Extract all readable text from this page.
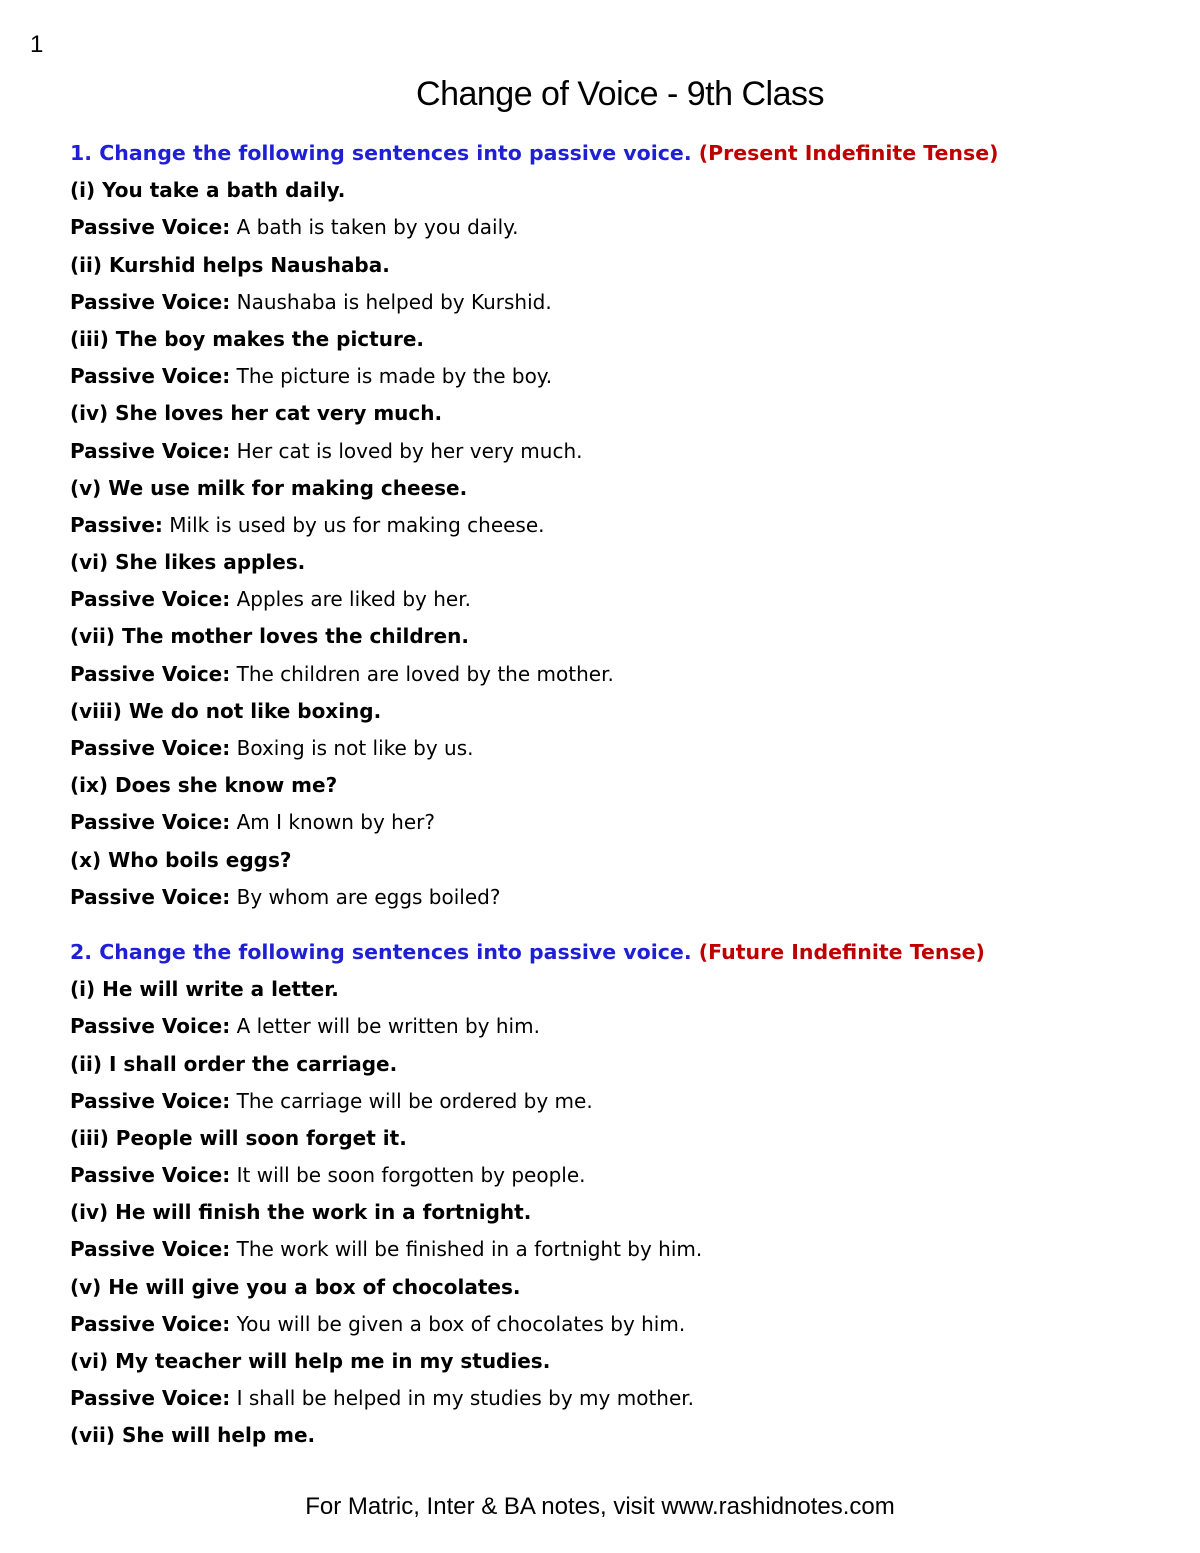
1
Change of Voice - 9th Class
1. Change the following sentences into passive voice. (Present Indefinite Tense)
(i) You take a bath daily.
Passive Voice: A bath is taken by you daily.
(ii) Kurshid helps Naushaba.
Passive Voice: Naushaba is helped by Kurshid.
(iii) The boy makes the picture.
Passive Voice: The picture is made by the boy.
(iv) She loves her cat very much.
Passive Voice: Her cat is loved by her very much.
(v) We use milk for making cheese.
Passive: Milk is used by us for making cheese.
(vi) She likes apples.
Passive Voice: Apples are liked by her.
(vii) The mother loves the children.
Passive Voice: The children are loved by the mother.
(viii) We do not like boxing.
Passive Voice: Boxing is not like by us.
(ix) Does she know me?
Passive Voice: Am I known by her?
(x) Who boils eggs?
Passive Voice: By whom are eggs boiled?
2. Change the following sentences into passive voice. (Future Indefinite Tense)
(i) He will write a letter.
Passive Voice: A letter will be written by him.
(ii) I shall order the carriage.
Passive Voice: The carriage will be ordered by me.
(iii) People will soon forget it.
Passive Voice: It will be soon forgotten by people.
(iv) He will finish the work in a fortnight.
Passive Voice: The work will be finished in a fortnight by him.
(v) He will give you a box of chocolates.
Passive Voice: You will be given a box of chocolates by him.
(vi) My teacher will help me in my studies.
Passive Voice: I shall be helped in my studies by my mother.
(vii) She will help me.
For Matric, Inter & BA notes, visit www.rashidnotes.com
